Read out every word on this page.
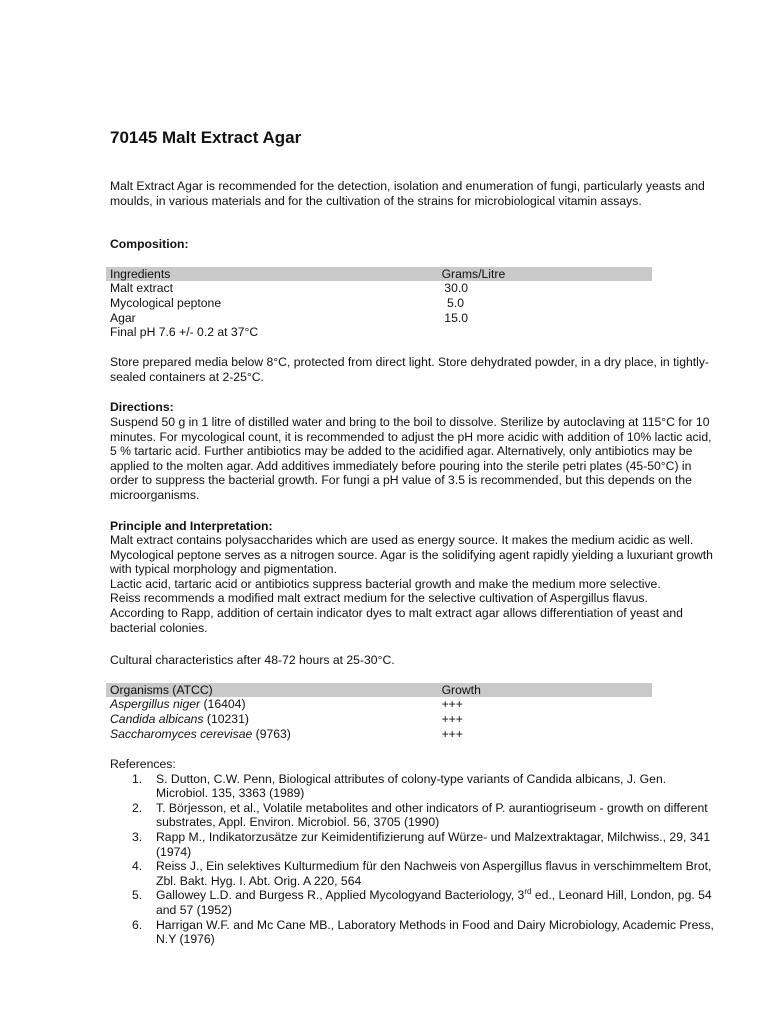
70145 Malt Extract Agar

Malt Extract Agar is recommended for the detection, isolation and enumeration of fungi, particularly yeasts and moulds, in various materials and for the cultivation of the strains for microbiological vitamin assays.

Composition:

Ingredients	Grams/Litre
Malt extract	30.0
Mycological peptone	5.0
Agar	15.0
Final pH 7.6 +/- 0.2 at 37°C

Store prepared media below 8°C, protected from direct light. Store dehydrated powder, in a dry place, in tightly-sealed containers at 2-25°C.

Directions:

Suspend 50 g in 1 litre of distilled water and bring to the boil to dissolve. Sterilize by autoclaving at 115°C for 10 minutes. For mycological count, it is recommended to adjust the pH more acidic with addition of 10% lactic acid, 5 % tartaric acid. Further antibiotics may be added to the acidified agar. Alternatively, only antibiotics may be applied to the molten agar. Add additives immediately before pouring into the sterile petri plates (45-50°C) in order to suppress the bacterial growth. For fungi a pH value of 3.5 is recommended, but this depends on the microorganisms.

Principle and Interpretation:

Malt extract contains polysaccharides which are used as energy source. It makes the medium acidic as well. Mycological peptone serves as a nitrogen source. Agar is the solidifying agent rapidly yielding a luxuriant growth with typical morphology and pigmentation.
Lactic acid, tartaric acid or antibiotics suppress bacterial growth and make the medium more selective.
Reiss recommends a modified malt extract medium for the selective cultivation of Aspergillus flavus.
According to Rapp, addition of certain indicator dyes to malt extract agar allows differentiation of yeast and bacterial colonies.

Cultural characteristics after 48-72 hours at 25-30°C.

Organisms (ATCC)	Growth
Aspergillus niger (16404)	+++
Candida albicans (10231)	+++
Saccharomyces cerevisae (9763)	+++
References:
1. S. Dutton, C.W. Penn, Biological attributes of colony-type variants of Candida albicans, J. Gen. Microbiol. 135, 3363 (1989)
2. T. Börjesson, et al., Volatile metabolites and other indicators of P. aurantiogriseum - growth on different substrates, Appl. Environ. Microbiol. 56, 3705 (1990)
3. Rapp M., Indikatorzusätze zur Keimidentifizierung auf Würze- und Malzextraktagar, Milchwiss., 29, 341 (1974)
4. Reiss J., Ein selektives Kulturmedium für den Nachweis von Aspergillus flavus in verschimmeltem Brot, Zbl. Bakt. Hyg. I. Abt. Orig. A 220, 564
5. Gallowey L.D. and Burgess R., Applied Mycologyand Bacteriology, 3rd ed., Leonard Hill, London, pg. 54 and 57 (1952)
6. Harrigan W.F. and Mc Cane MB., Laboratory Methods in Food and Dairy Microbiology, Academic Press, N.Y (1976)
